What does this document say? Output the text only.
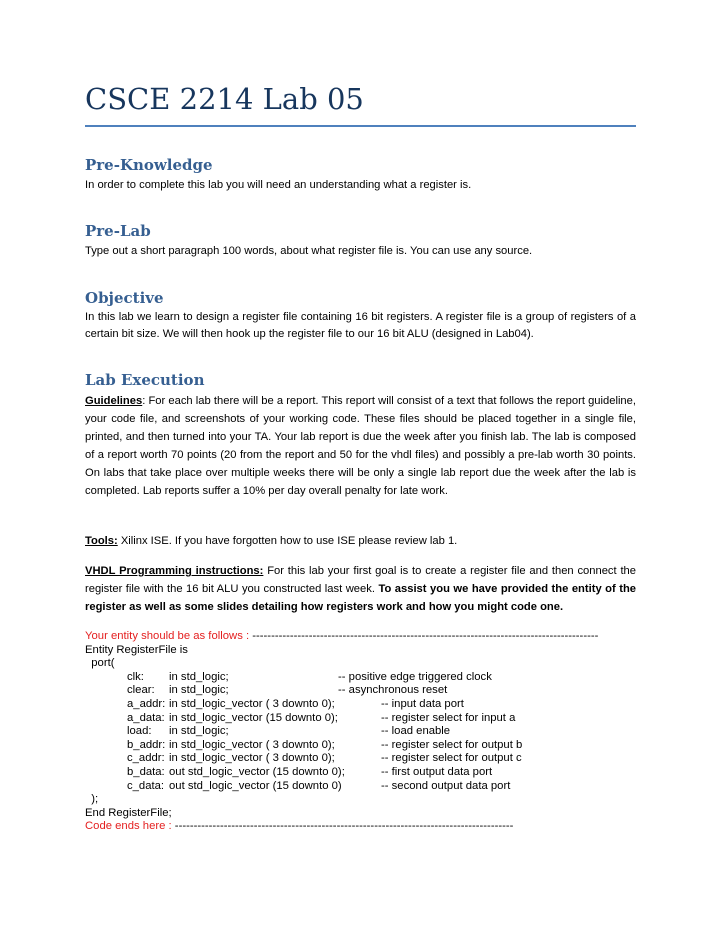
CSCE 2214 Lab 05
Pre-Knowledge
In order to complete this lab you will need an understanding what a register is.
Pre-Lab
Type out a short paragraph 100 words, about what register file is. You can use any source.
Objective
In this lab we learn to design a register file containing 16 bit registers. A register file is a group of registers of a certain bit size. We will then hook up the register file to our 16 bit ALU (designed in Lab04).
Lab Execution
Guidelines: For each lab there will be a report. This report will consist of a text that follows the report guideline, your code file, and screenshots of your working code. These files should be placed together in a single file, printed, and then turned into your TA. Your lab report is due the week after you finish lab. The lab is composed of a report worth 70 points (20 from the report and 50 for the vhdl files) and possibly a pre-lab worth 30 points. On labs that take place over multiple weeks there will be only a single lab report due the week after the lab is completed. Lab reports suffer a 10% per day overall penalty for late work.
Tools: Xilinx ISE. If you have forgotten how to use ISE please review lab 1.
VHDL Programming instructions: For this lab your first goal is to create a register file and then connect the register file with the 16 bit ALU you constructed last week. To assist you we have provided the entity of the register as well as some slides detailing how registers work and how you might code one.
Your entity should be as follows : --------------------------------------------------------------------------------------------
Entity RegisterFile is
port(
clk: in std_logic;	-- positive edge triggered clock
clear: in std_logic;	-- asynchronous reset
a_addr: in std_logic_vector ( 3 downto 0);	-- input data port
a_data: in std_logic_vector (15 downto 0);	-- register select for input a
load: in std_logic;	-- load enable
b_addr: in std_logic_vector ( 3 downto 0);	-- register select for output b
c_addr: in std_logic_vector ( 3 downto 0);	-- register select for output c
b_data: out std_logic_vector (15 downto 0);	-- first output data port
c_data: out std_logic_vector (15 downto 0)	-- second output data port
);
End RegisterFile;
Code ends here : ------------------------------------------------------------------------------------------
